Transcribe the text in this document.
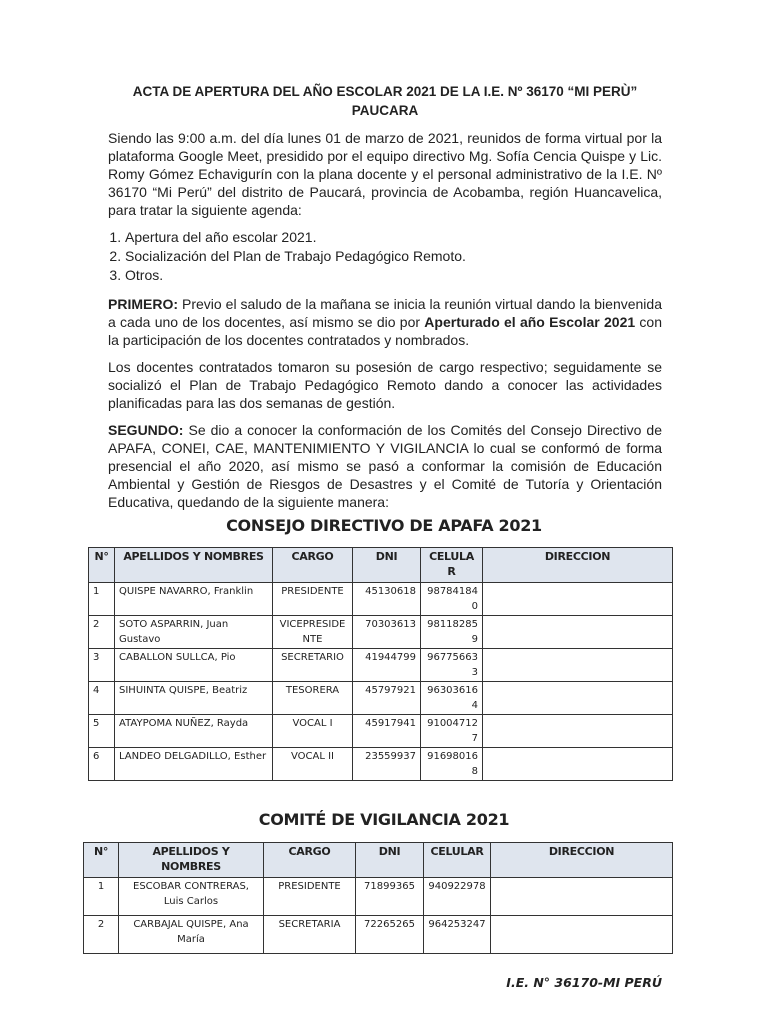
ACTA DE APERTURA DEL AÑO ESCOLAR 2021 DE LA I.E. Nº 36170 “MI PERÙ”
PAUCARA

Siendo las 9:00 a.m. del día lunes 01 de marzo de 2021, reunidos de forma virtual por la plataforma Google Meet, presidido por el equipo directivo Mg. Sofía Cencia Quispe y Lic. Romy Gómez Echavigurín con la plana docente y el personal administrativo de la I.E. Nº 36170 “Mi Perú” del distrito de Paucará, provincia de Acobamba, región Huancavelica, para tratar la siguiente agenda:

1. Apertura del año escolar 2021.
2. Socialización del Plan de Trabajo Pedagógico Remoto.
3. Otros.

PRIMERO: Previo el saludo de la mañana se inicia la reunión virtual dando la bienvenida a cada uno de los docentes, así mismo se dio por Aperturado el año Escolar 2021 con la participación de los docentes contratados y nombrados.

Los docentes contratados tomaron su posesión de cargo respectivo; seguidamente se socializó el Plan de Trabajo Pedagógico Remoto dando a conocer las actividades planificadas para las dos semanas de gestión.

SEGUNDO: Se dio a conocer la conformación de los Comités del Consejo Directivo de APAFA, CONEI, CAE, MANTENIMIENTO Y VIGILANCIA lo cual se conformó de forma presencial el año 2020, así mismo se pasó a conformar la comisión de Educación Ambiental y Gestión de Riesgos de Desastres y el Comité de Tutoría y Orientación Educativa, quedando de la siguiente manera:

CONSEJO DIRECTIVO DE APAFA 2021
N°	APELLIDOS Y NOMBRES	CARGO	DNI	CELULAR	DIRECCION
1	QUISPE NAVARRO, Franklin	PRESIDENTE	45130618	987841840	
2	SOTO ASPARRIN, Juan Gustavo	VICEPRESIDENTE	70303613	981182859	
3	CABALLON SULLCA, Pio	SECRETARIO	41944799	967756633	
4	SIHUINTA QUISPE, Beatriz	TESORERA	45797921	963036164	
5	ATAYPOMA NUÑEZ, Rayda	VOCAL I	45917941	910047127	
6	LANDEO DELGADILLO, Esther	VOCAL II	23559937	916980168	
COMITÉ DE VIGILANCIA 2021
N°	APELLIDOS Y NOMBRES	CARGO	DNI	CELULAR	DIRECCION
1	ESCOBAR CONTRERAS, Luis Carlos	PRESIDENTE	71899365	940922978	
2	CARBAJAL QUISPE, Ana María	SECRETARIA	72265265	964253247	
I.E. N° 36170-MI PERÚ
